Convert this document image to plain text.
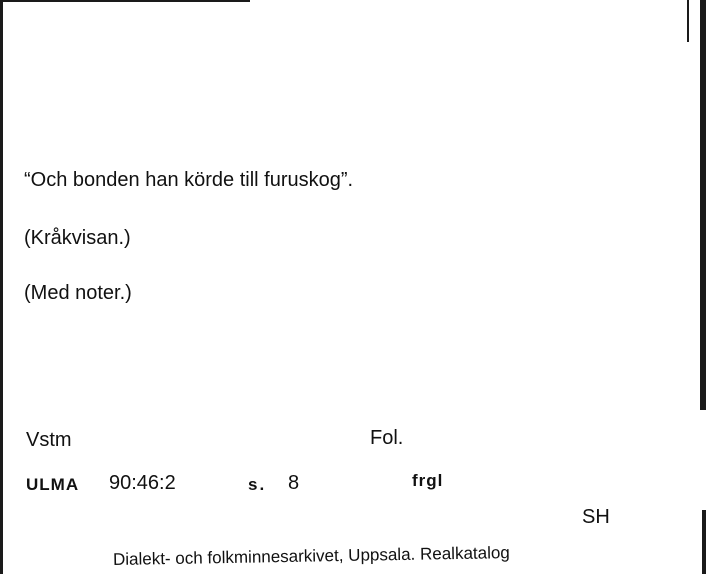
“Och bonden han körde till furuskog”.
(Kråkvisan.)
(Med noter.)
Vstm	Fol.
ULMA 90:46:2	s. 8	frgl
SH
Dialekt- och folkminnesarkivet, Uppsala. Realkatalog
